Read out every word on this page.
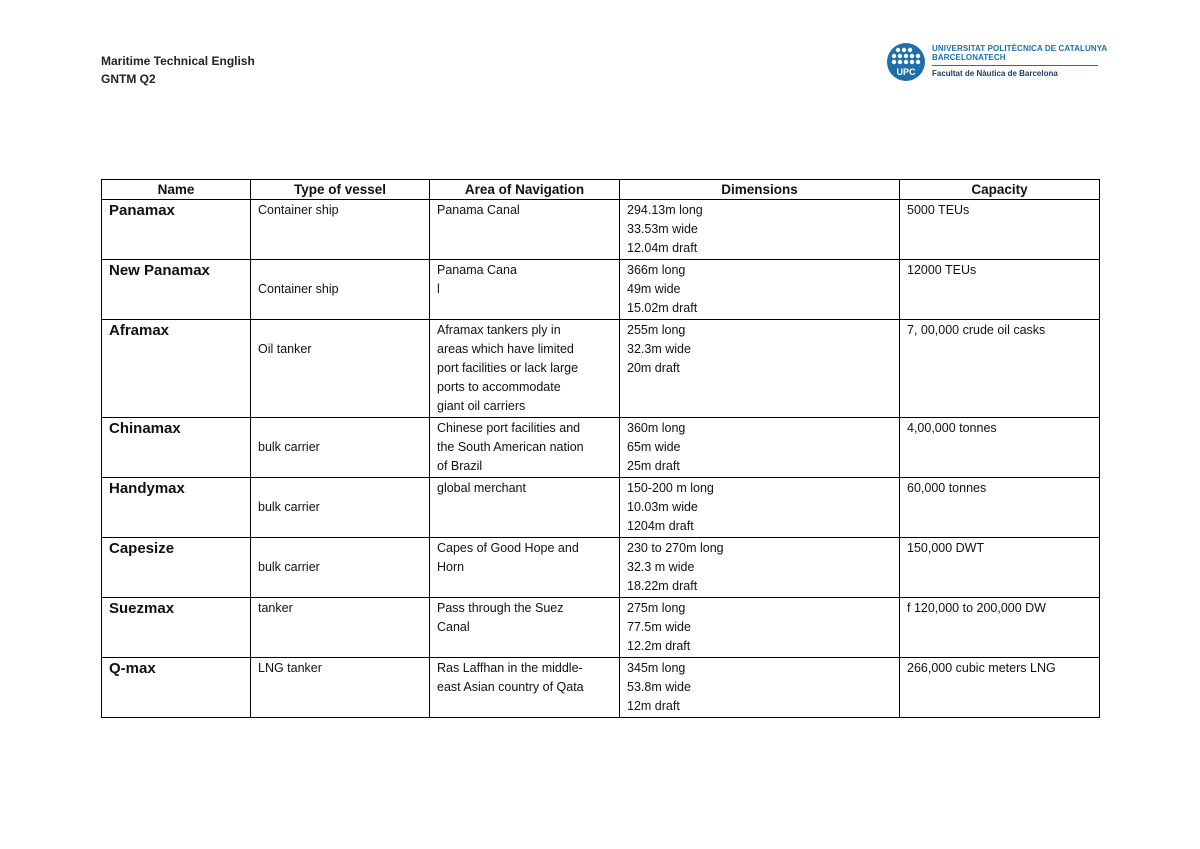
Maritime Technical English
GNTM Q2	UPC
UNIVERSITAT POLITÈCNICA DE CATALUNYA
BARCELONATECH
Facultat de Nàutica de Barcelona
Name	Type of vessel	Area of Navigation	Dimensions	Capacity
Panamax	Container ship	Panama Canal	294.13m long
33.53m wide
12.04m draft	5000 TEUs
New Panamax	Container ship	Panama Cana
l	366m long
49m wide
15.02m draft	12000 TEUs
Aframax	Oil tanker	Aframax tankers ply in
areas which have limited
port facilities or lack large
ports to accommodate
giant oil carriers	255m long
32.3m wide
20m draft	7, 00,000 crude oil casks
Chinamax	bulk carrier	Chinese port facilities and
the South American nation
of Brazil	360m long
65m wide
25m draft	4,00,000 tonnes
Handymax	bulk carrier	global merchant	150-200 m long
10.03m wide
1204m draft	60,000 tonnes
Capesize	bulk carrier	Capes of Good Hope and
Horn	230 to 270m long
32.3 m wide
18.22m draft	150,000 DWT
Suezmax	tanker	Pass through the Suez
Canal	275m long
77.5m wide
12.2m draft	f 120,000 to 200,000 DW
Q-max	LNG tanker	Ras Laffhan in the middle-
east Asian country of Qata	345m long
53.8m wide
12m draft	266,000 cubic meters LNG
